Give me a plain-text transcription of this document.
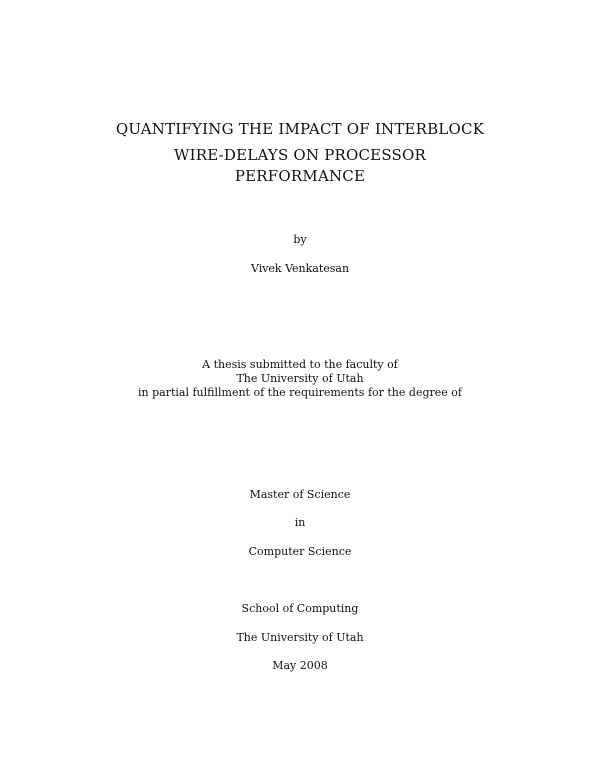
QUANTIFYING THE IMPACT OF INTERBLOCK
WIRE-DELAYS ON PROCESSOR
PERFORMANCE
by
Vivek Venkatesan
A thesis submitted to the faculty of
The University of Utah
in partial fulfillment of the requirements for the degree of
Master of Science
in
Computer Science
School of Computing
The University of Utah
May 2008
